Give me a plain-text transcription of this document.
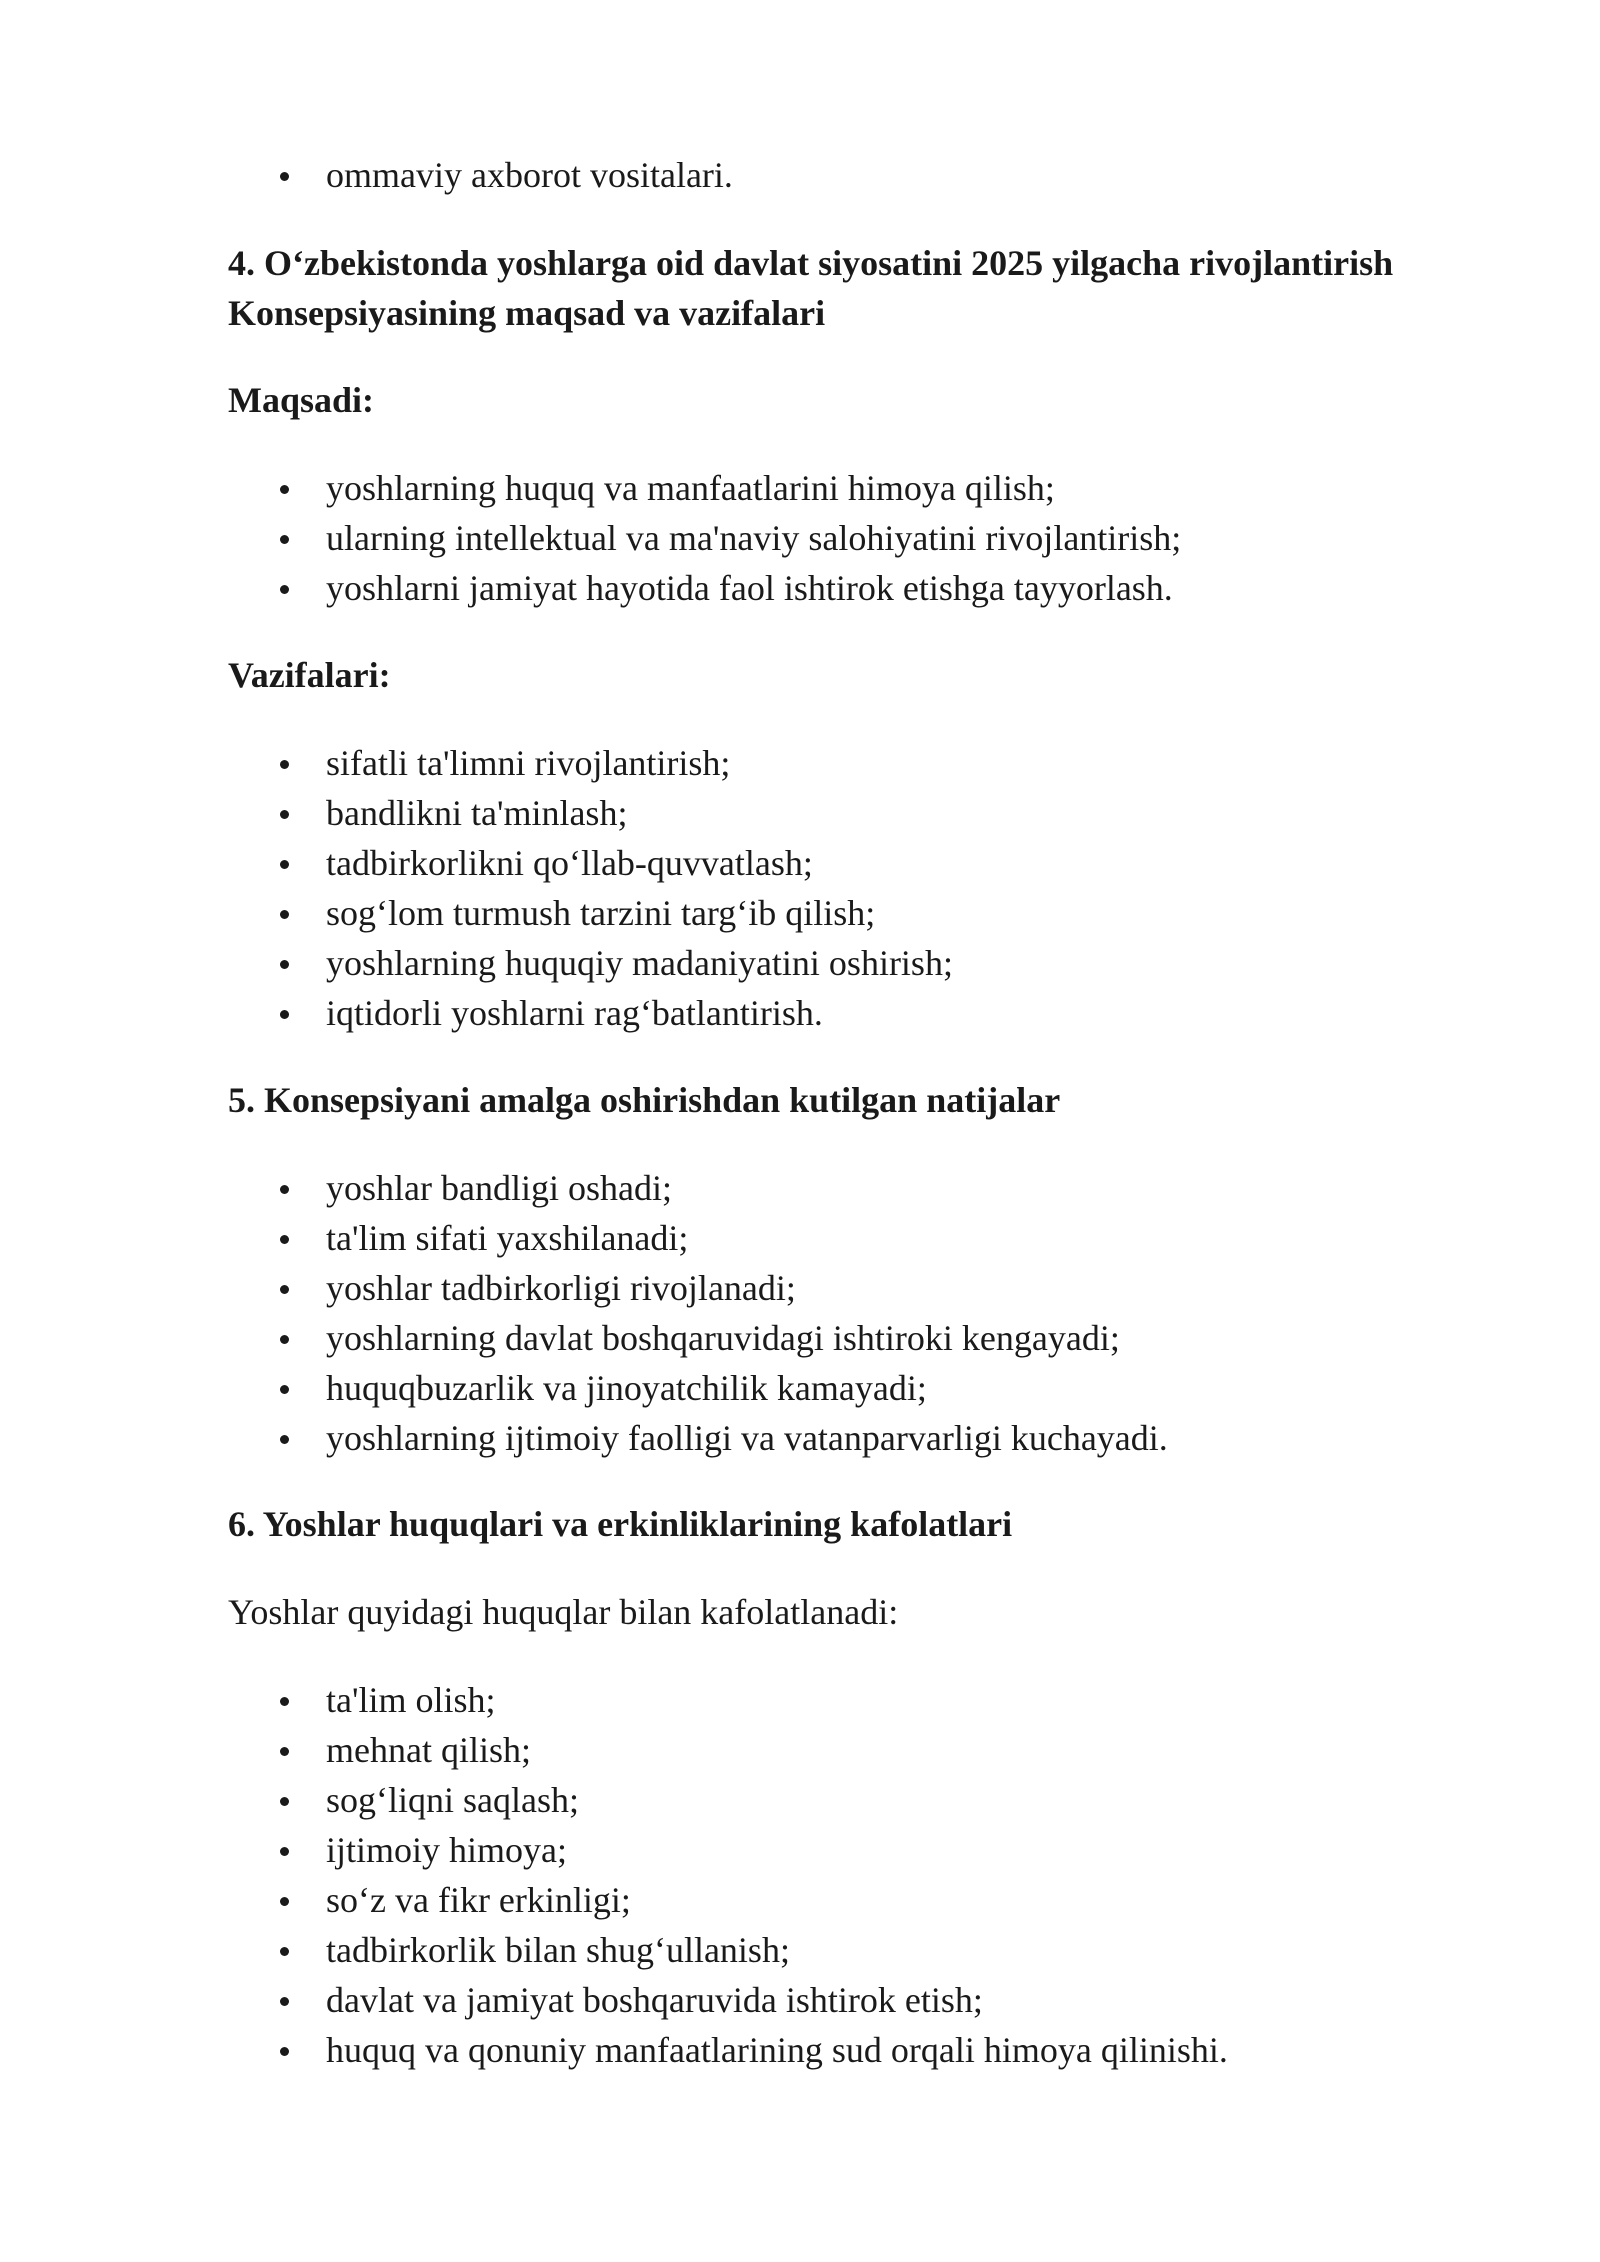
ommaviy axborot vositalari.

4. O‘zbekistonda yoshlarga oid davlat siyosatini 2025 yilgacha rivojlantirish

Konsepsiyasining maqsad va vazifalari

Maqsadi:

yoshlarning huquq va manfaatlarini himoya qilish;
ularning intellektual va ma'naviy salohiyatini rivojlantirish;
yoshlarni jamiyat hayotida faol ishtirok etishga tayyorlash.

Vazifalari:

sifatli ta'limni rivojlantirish;
bandlikni ta'minlash;
tadbirkorlikni qo‘llab-quvvatlash;
sog‘lom turmush tarzini targ‘ib qilish;
yoshlarning huquqiy madaniyatini oshirish;
iqtidorli yoshlarni rag‘batlantirish.

5. Konsepsiyani amalga oshirishdan kutilgan natijalar

yoshlar bandligi oshadi;
ta'lim sifati yaxshilanadi;
yoshlar tadbirkorligi rivojlanadi;
yoshlarning davlat boshqaruvidagi ishtiroki kengayadi;
huquqbuzarlik va jinoyatchilik kamayadi;
yoshlarning ijtimoiy faolligi va vatanparvarligi kuchayadi.

6. Yoshlar huquqlari va erkinliklarining kafolatlari

Yoshlar quyidagi huquqlar bilan kafolatlanadi:

ta'lim olish;
mehnat qilish;
sog‘liqni saqlash;
ijtimoiy himoya;
so‘z va fikr erkinligi;
tadbirkorlik bilan shug‘ullanish;
davlat va jamiyat boshqaruvida ishtirok etish;
huquq va qonuniy manfaatlarining sud orqali himoya qilinishi.
